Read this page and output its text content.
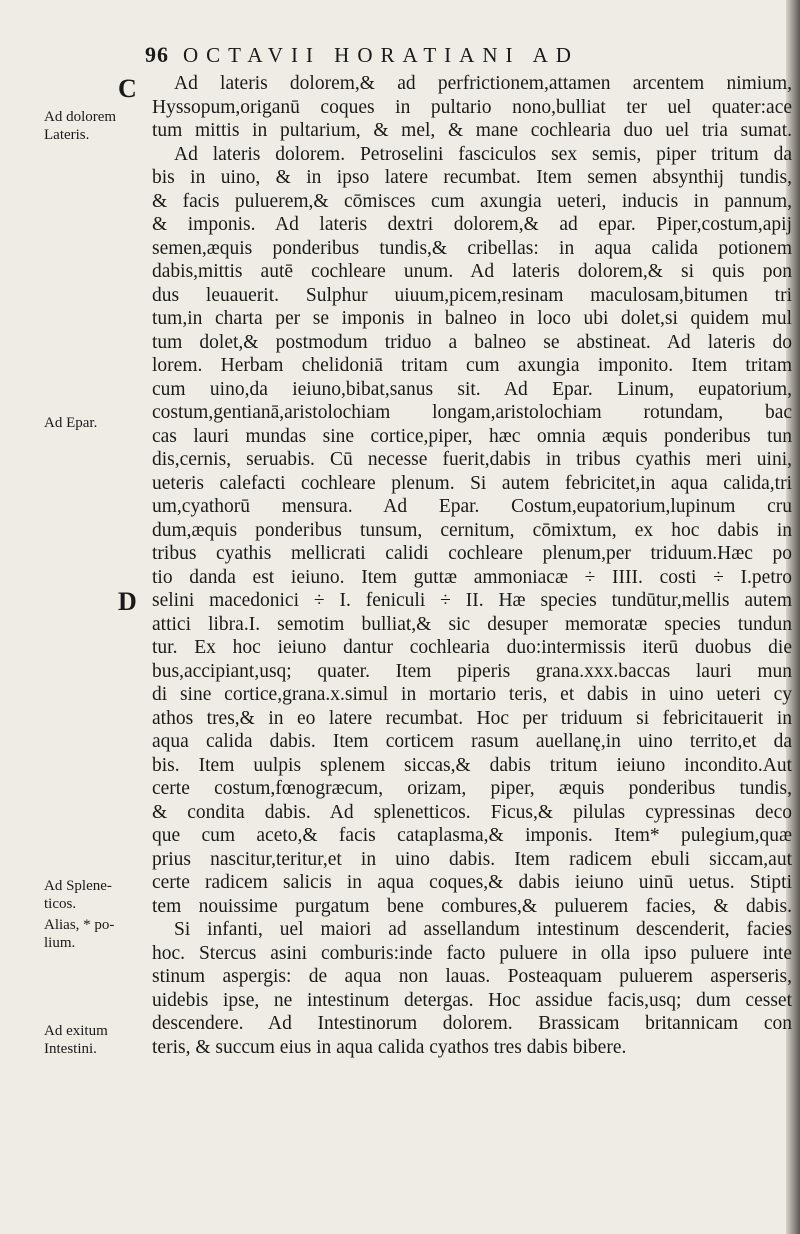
96 OCTAVII HORATIANI AD
C
D
Ad dolorem Lateris.
Ad Epar.
Ad Splene- ticos.
Alias, * po- lium.
Ad exitum Intestini.
Ad lateris dolorem,& ad perfrictionem,attamen arcentem nimium,
Hyssopum,origanū coques in pultario nono,bulliat ter uel quater:ace
tum mittis in pultarium, & mel, & mane cochlearia duo uel tria sumat.
Ad lateris dolorem. Petroselini fasciculos sex semis, piper tritum da
bis in uino, & in ipso latere recumbat. Item semen absynthij tundis,
& facis puluerem,& cōmisces cum axungia ueteri, inducis in pannum,
& imponis. Ad lateris dextri dolorem,& ad epar. Piper,costum,apij
semen,æquis ponderibus tundis,& cribellas: in aqua calida potionem
dabis,mittis autē cochleare unum. Ad lateris dolorem,& si quis pon
dus leuauerit. Sulphur uiuum,picem,resinam maculosam,bitumen tri
tum,in charta per se imponis in balneo in loco ubi dolet,si quidem mul
tum dolet,& postmodum triduo a balneo se abstineat. Ad lateris do
lorem. Herbam chelidoniā tritam cum axungia imponito. Item tritam
cum uino,da ieiuno,bibat,sanus sit. Ad Epar. Linum, eupatorium,
costum,gentianā,aristolochiam longam,aristolochiam rotundam, bac
cas lauri mundas sine cortice,piper, hæc omnia æquis ponderibus tun
dis,cernis, seruabis. Cū necesse fuerit,dabis in tribus cyathis meri uini,
ueteris calefacti cochleare plenum. Si autem febricitet,in aqua calida,tri
um,cyathorū mensura. Ad Epar. Costum,eupatorium,lupinum cru
dum,æquis ponderibus tunsum, cernitum, cōmixtum, ex hoc dabis in
tribus cyathis mellicrati calidi cochleare plenum,per triduum.Hæc po
tio danda est ieiuno. Item guttæ ammoniacæ ÷ IIII. costi ÷ I.petro
selini macedonici ÷ I. feniculi ÷ II. Hæ species tundūtur,mellis autem
attici libra.I. semotim bulliat,& sic desuper memoratæ species tundun
tur. Ex hoc ieiuno dantur cochlearia duo:intermissis iterū duobus die
bus,accipiant,usq; quater. Item piperis grana.xxx.baccas lauri mun
di sine cortice,grana.x.simul in mortario teris, et dabis in uino ueteri cy
athos tres,& in eo latere recumbat. Hoc per triduum si febricitauerit in
aqua calida dabis. Item corticem rasum auellanę,in uino territo,et da
bis. Item uulpis splenem siccas,& dabis tritum ieiuno incondito.Aut
certe costum,fœnogræcum, orizam, piper, æquis ponderibus tundis,
& condita dabis. Ad splenetticos. Ficus,& pilulas cypressinas deco
que cum aceto,& facis cataplasma,& imponis. Item* pulegium,quæ
prius nascitur,teritur,et in uino dabis. Item radicem ebuli siccam,aut
certe radicem salicis in aqua coques,& dabis ieiuno uinū uetus. Stipti
tem nouissime purgatum bene combures,& puluerem facies, & dabis.
Si infanti, uel maiori ad assellandum intestinum descenderit, facies
hoc. Stercus asini comburis:inde facto puluere in olla ipso puluere inte
stinum aspergis: de aqua non lauas. Posteaquam puluerem asperseris,
uidebis ipse, ne intestinum detergas. Hoc assidue facis,usq; dum cesset
descendere. Ad Intestinorum dolorem. Brassicam britannicam con
teris, & succum eius in aqua calida cyathos tres dabis bibere.
